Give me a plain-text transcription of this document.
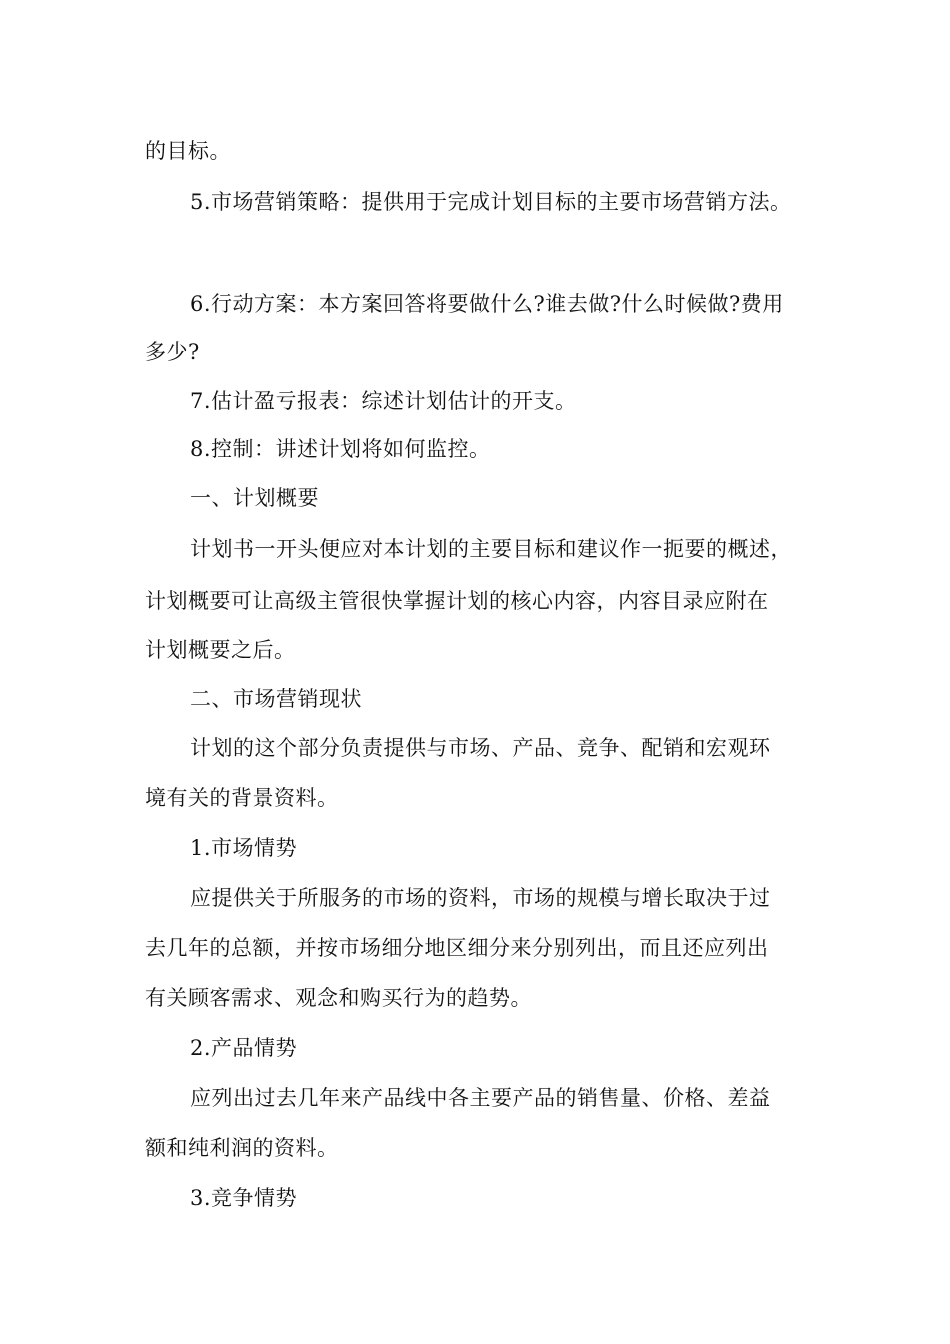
的目标。
5.市场营销策略：提供用于完成计划目标的主要市场营销方法。
6.行动方案：本方案回答将要做什么?谁去做?什么时候做?费用
多少?
7.估计盈亏报表：综述计划估计的开支。
8.控制：讲述计划将如何监控。
一、计划概要
计划书一开头便应对本计划的主要目标和建议作一扼要的概述，
计划概要可让高级主管很快掌握计划的核心内容，内容目录应附在
计划概要之后。
二、市场营销现状
计划的这个部分负责提供与市场、产品、竞争、配销和宏观环
境有关的背景资料。
1.市场情势
应提供关于所服务的市场的资料，市场的规模与增长取决于过
去几年的总额，并按市场细分地区细分来分别列出，而且还应列出
有关顾客需求、观念和购买行为的趋势。
2.产品情势
应列出过去几年来产品线中各主要产品的销售量、价格、差益
额和纯利润的资料。
3.竞争情势
